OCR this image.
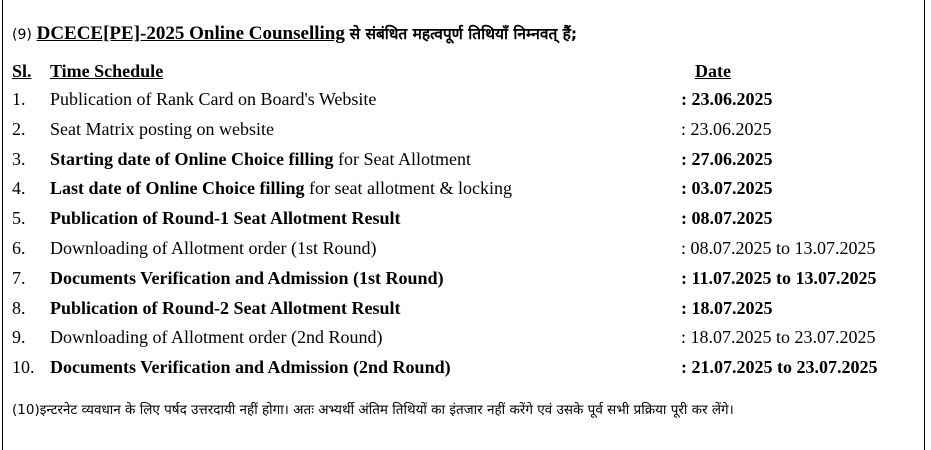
(9) DCECE[PE]-2025 Online Counselling से संबंधित महत्वपूर्ण तिथियाँ निम्नवत् हैं;
Sl. Time Schedule	Date
1. Publication of Rank Card on Board's Website	: 23.06.2025
2. Seat Matrix posting on website	: 23.06.2025
3. Starting date of Online Choice filling for Seat Allotment	: 27.06.2025
4. Last date of Online Choice filling for seat allotment & locking	: 03.07.2025
5. Publication of Round-1 Seat Allotment Result	: 08.07.2025
6. Downloading of Allotment order (1st Round)	: 08.07.2025 to 13.07.2025
7. Documents Verification and Admission (1st Round)	: 11.07.2025 to 13.07.2025
8. Publication of Round-2 Seat Allotment Result	: 18.07.2025
9. Downloading of Allotment order (2nd Round)	: 18.07.2025 to 23.07.2025
10. Documents Verification and Admission (2nd Round)	: 21.07.2025 to 23.07.2025
(10)इन्टरनेट व्यवधान के लिए पर्षद उत्तरदायी नहीं होगा। अतः अभ्यर्थी अंतिम तिथियों का इंतजार नहीं करेंगे एवं उसके पूर्व सभी प्रक्रिया पूरी कर लेंगे।
